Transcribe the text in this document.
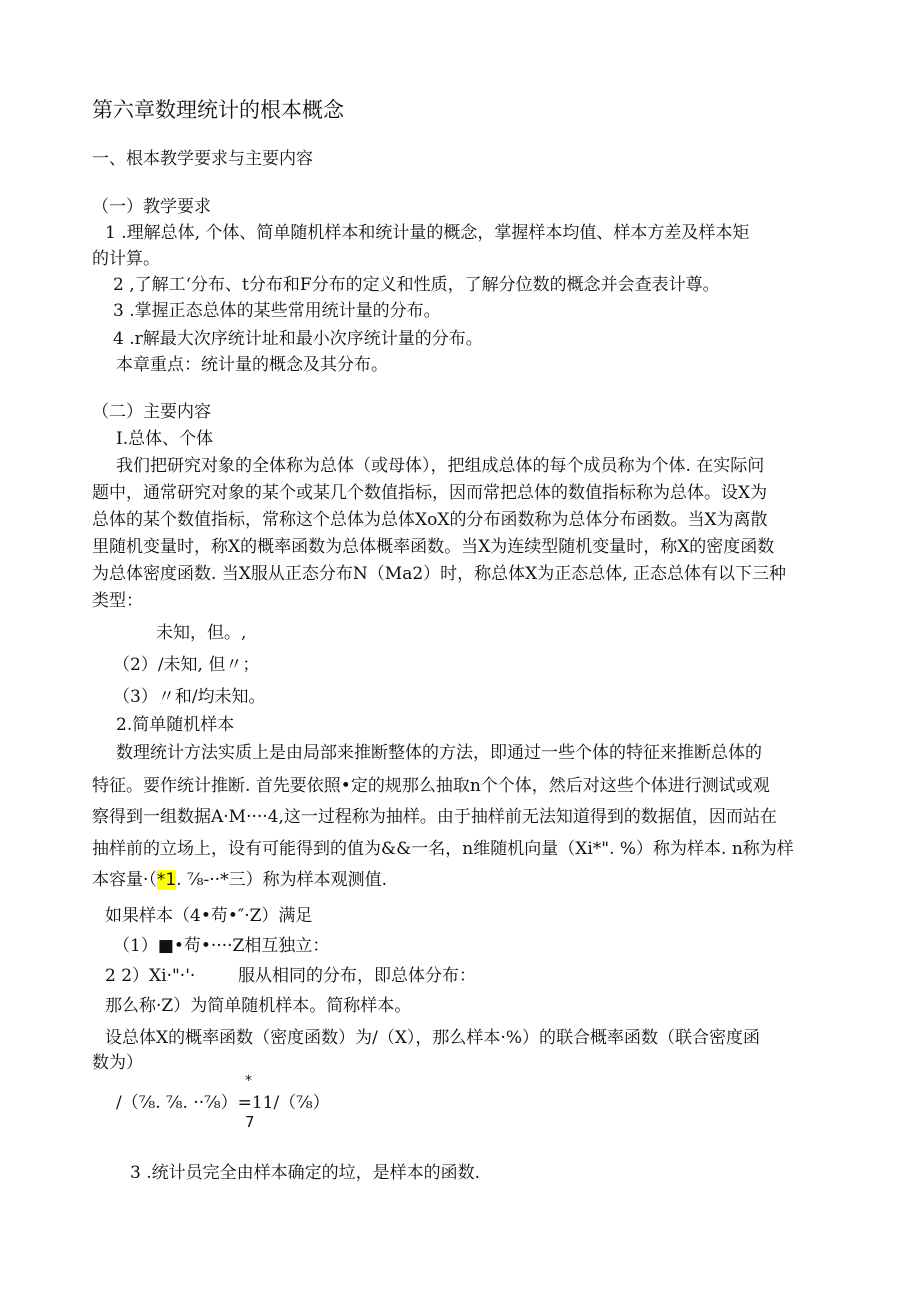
第六章数理统计的根本概念
一、根本教学要求与主要内容
（一）教学要求
1 .理解总体, 个体、简单随机样本和统计量的概念，掌握样本均值、样本方差及样本矩
的计算。
2 ,了解工‘分布、t分布和F分布的定义和性质，了解分位数的概念并会查表计尊。
3 .掌握正态总体的某些常用统计量的分布。
4 .r解最大次序统计址和最小次序统计量的分布。
本章重点：统计量的概念及其分布。
（二）主要内容
I.总体、个体
我们把研究对象的全体称为总体（或母体），把组成总体的每个成员称为个体. 在实际问
题中，通常研究对象的某个或某几个数值指标，因而常把总体的数值指标称为总体。设X为
总体的某个数值指标，常称这个总体为总体XoX的分布函数称为总体分布函数。当X为离散
里随机变量时，称X的概率函数为总体概率函数。当X为连续型随机变量时，称X的密度函数
为总体密度函数. 当X服从正态分布N（Ma2）时，称总体X为正态总体, 正态总体有以下三种
类型：
未知，但。,
（2）/未知, 但〃；
（3）〃和/均未知。
2.简单随机样本
数理统计方法实质上是由局部来推断整体的方法，即通过一些个体的特征来推断总体的
特征。要作统计推断. 首先要依照•定的规那么抽取n个个体，然后对这些个体进行测试或观
察得到一组数据A·M····4,这一过程称为抽样。由于抽样前无法知道得到的数据值，因而站在
抽样前的立场上，设有可能得到的值为&&一名，n维随机向量（Xi*". %）称为样本. n称为样
本容量·（*1. ⅞-··*三）称为样本观测值.
如果样本（4•苟•″·Z）满足
（1）■•苟•····Z相互独立：
2 2）Xi·"·'·	服从相同的分布，即总体分布：
那么称·Z）为简单随机样本。简称样本。
设总体X的概率函数（密度函数）为/（X），那么样本·%）的联合概率函数（联合密度函
数为）
*
/（⅞. ⅞. ··⅞）=11/（⅞）
7
3 .统计员完全由样本确定的垃，是样本的函数.
